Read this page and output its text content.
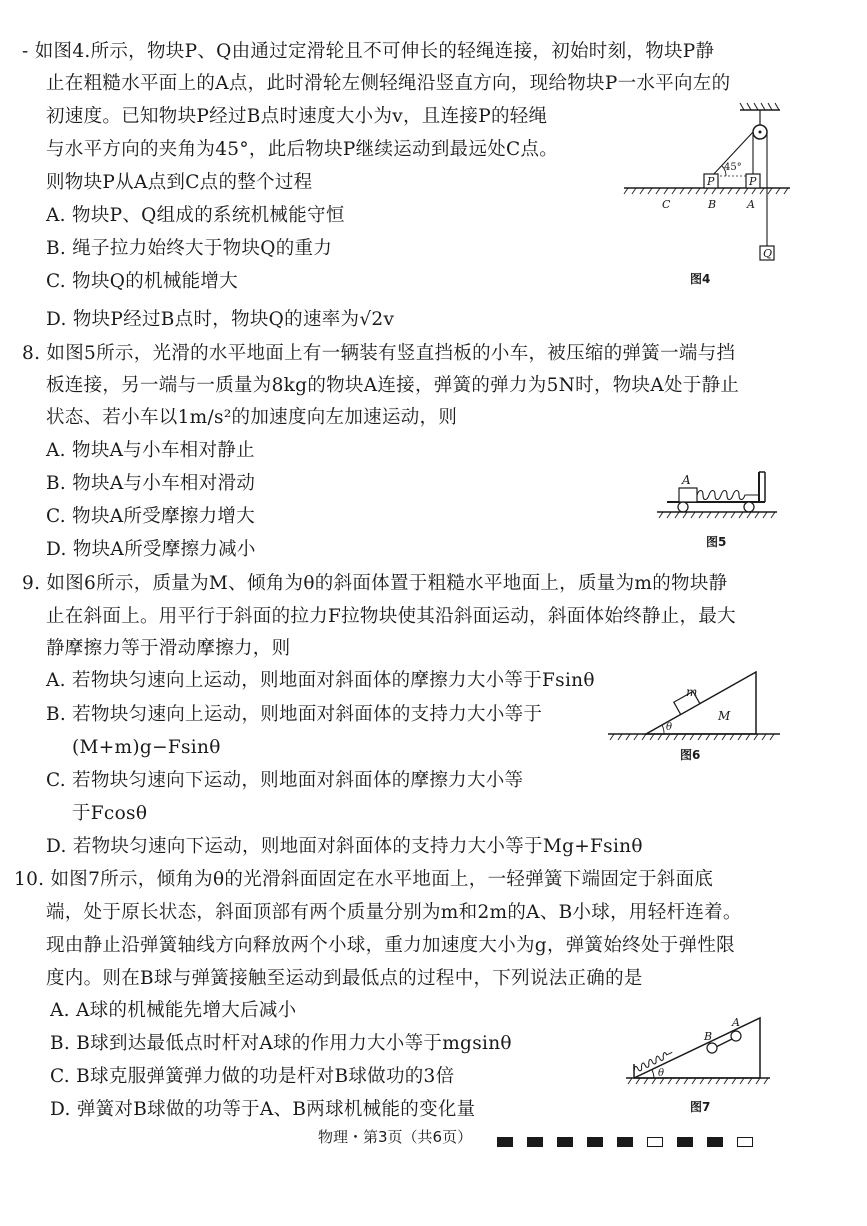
- 如图4.所示，物块P、Q由通过定滑轮且不可伸长的轻绳连接，初始时刻，物块P静
止在粗糙水平面上的A点，此时滑轮左侧轻绳沿竖直方向，现给物块P一水平向左的
初速度。已知物块P经过B点时速度大小为v，且连接P的轻绳
与水平方向的夹角为45°，此后物块P继续运动到最远处C点。
则物块P从A点到C点的整个过程
A. 物块P、Q组成的系统机械能守恒
B. 绳子拉力始终大于物块Q的重力
C. 物块Q的机械能增大
D. 物块P经过B点时，物块Q的速率为√2v
45°
P	P
C	B	A
Q
图4
8. 如图5所示，光滑的水平地面上有一辆装有竖直挡板的小车，被压缩的弹簧一端与挡
板连接，另一端与一质量为8kg的物块A连接，弹簧的弹力为5N时，物块A处于静止
状态、若小车以1m/s²的加速度向左加速运动，则
A. 物块A与小车相对静止
B. 物块A与小车相对滑动
C. 物块A所受摩擦力增大
D. 物块A所受摩擦力减小
A
图5
9. 如图6所示，质量为M、倾角为θ的斜面体置于粗糙水平地面上，质量为m的物块静
止在斜面上。用平行于斜面的拉力F拉物块使其沿斜面运动，斜面体始终静止，最大
静摩擦力等于滑动摩擦力，则
A. 若物块匀速向上运动，则地面对斜面体的摩擦力大小等于Fsinθ
B. 若物块匀速向上运动，则地面对斜面体的支持力大小等于
(M+m)g−Fsinθ
C. 若物块匀速向下运动，则地面对斜面体的摩擦力大小等
于Fcosθ
D. 若物块匀速向下运动，则地面对斜面体的支持力大小等于Mg+Fsinθ
m
M
θ
图6
10. 如图7所示，倾角为θ的光滑斜面固定在水平地面上，一轻弹簧下端固定于斜面底
端，处于原长状态，斜面顶部有两个质量分别为m和2m的A、B小球，用轻杆连着。
现由静止沿弹簧轴线方向释放两个小球，重力加速度大小为g，弹簧始终处于弹性限
度内。则在B球与弹簧接触至运动到最低点的过程中，下列说法正确的是
A. A球的机械能先增大后减小
B. B球到达最低点时杆对A球的作用力大小等于mgsinθ
C. B球克服弹簧弹力做的功是杆对B球做功的3倍
D. 弹簧对B球做的功等于A、B两球机械能的变化量
B
A
θ
图7
物理・第3页（共6页）
